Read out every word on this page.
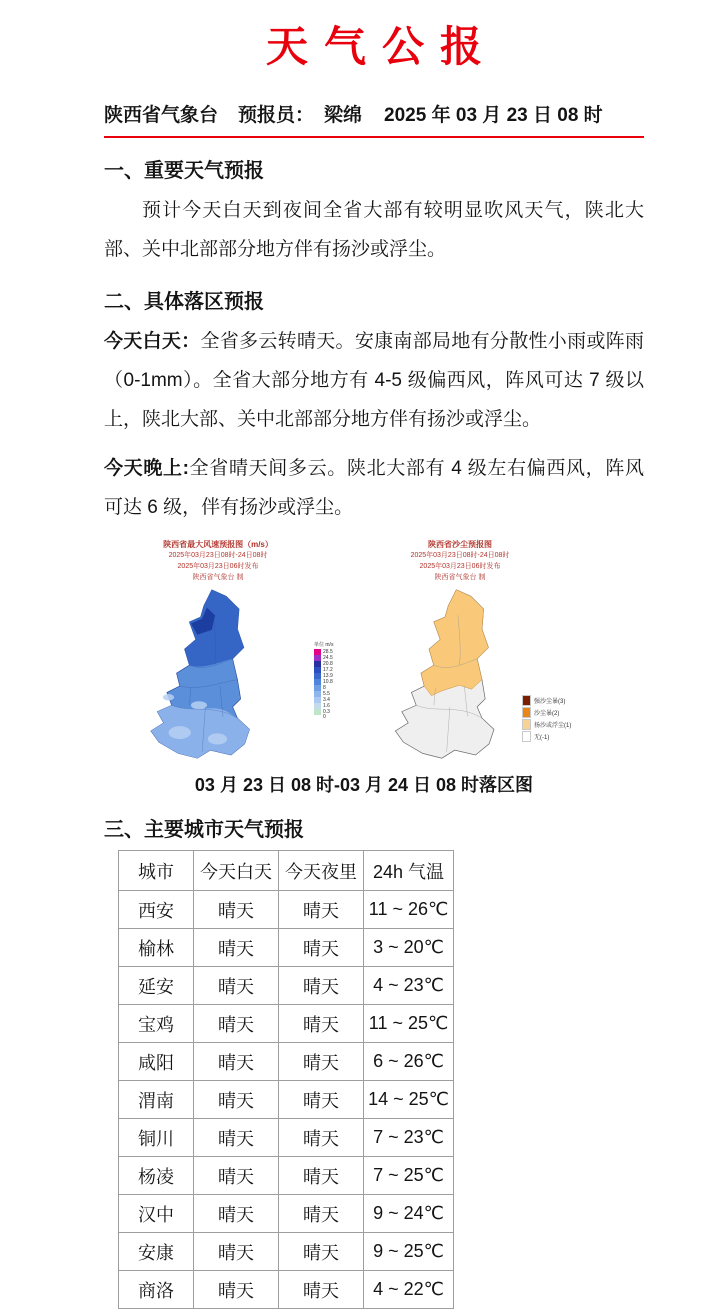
天气公报
陕西省气象台 预报员： 梁绵 2025 年 03 月 23 日 08 时
一、重要天气预报

预计今天白天到夜间全省大部有较明显吹风天气，陕北大部、关中北部部分地方伴有扬沙或浮尘。

二、具体落区预报

今天白天：全省多云转晴天。安康南部局地有分散性小雨或阵雨（0-1mm）。全省大部分地方有 4-5 级偏西风，阵风可达 7 级以上，陕北大部、关中北部部分地方伴有扬沙或浮尘。

今天晚上:全省晴天间多云。陕北大部有 4 级左右偏西风，阵风可达 6 级，伴有扬沙或浮尘。

陕西省最大风速预报图（m/s）
2025年03月23日08时-24日08时
2025年03月23日06时发布
陕西省气象台 制
单位 m/s
28.5
24.5
20.8
17.2
13.9
10.8
8
5.5
3.4
1.6
0.3
0
陕西省沙尘预报图
2025年03月23日08时-24日08时
2025年03月23日06时发布
陕西省气象台 制
强沙尘暴(3)
沙尘暴(2)
扬沙或浮尘(1)
无(-1)
03 月 23 日 08 时-03 月 24 日 08 时落区图
三、主要城市天气预报
城市	今天白天	今天夜里	24h 气温
西安	晴天	晴天	11 ~ 26℃
榆林	晴天	晴天	3 ~ 20℃
延安	晴天	晴天	4 ~ 23℃
宝鸡	晴天	晴天	11 ~ 25℃
咸阳	晴天	晴天	6 ~ 26℃
渭南	晴天	晴天	14 ~ 25℃
铜川	晴天	晴天	7 ~ 23℃
杨凌	晴天	晴天	7 ~ 25℃
汉中	晴天	晴天	9 ~ 24℃
安康	晴天	晴天	9 ~ 25℃
商洛	晴天	晴天	4 ~ 22℃
